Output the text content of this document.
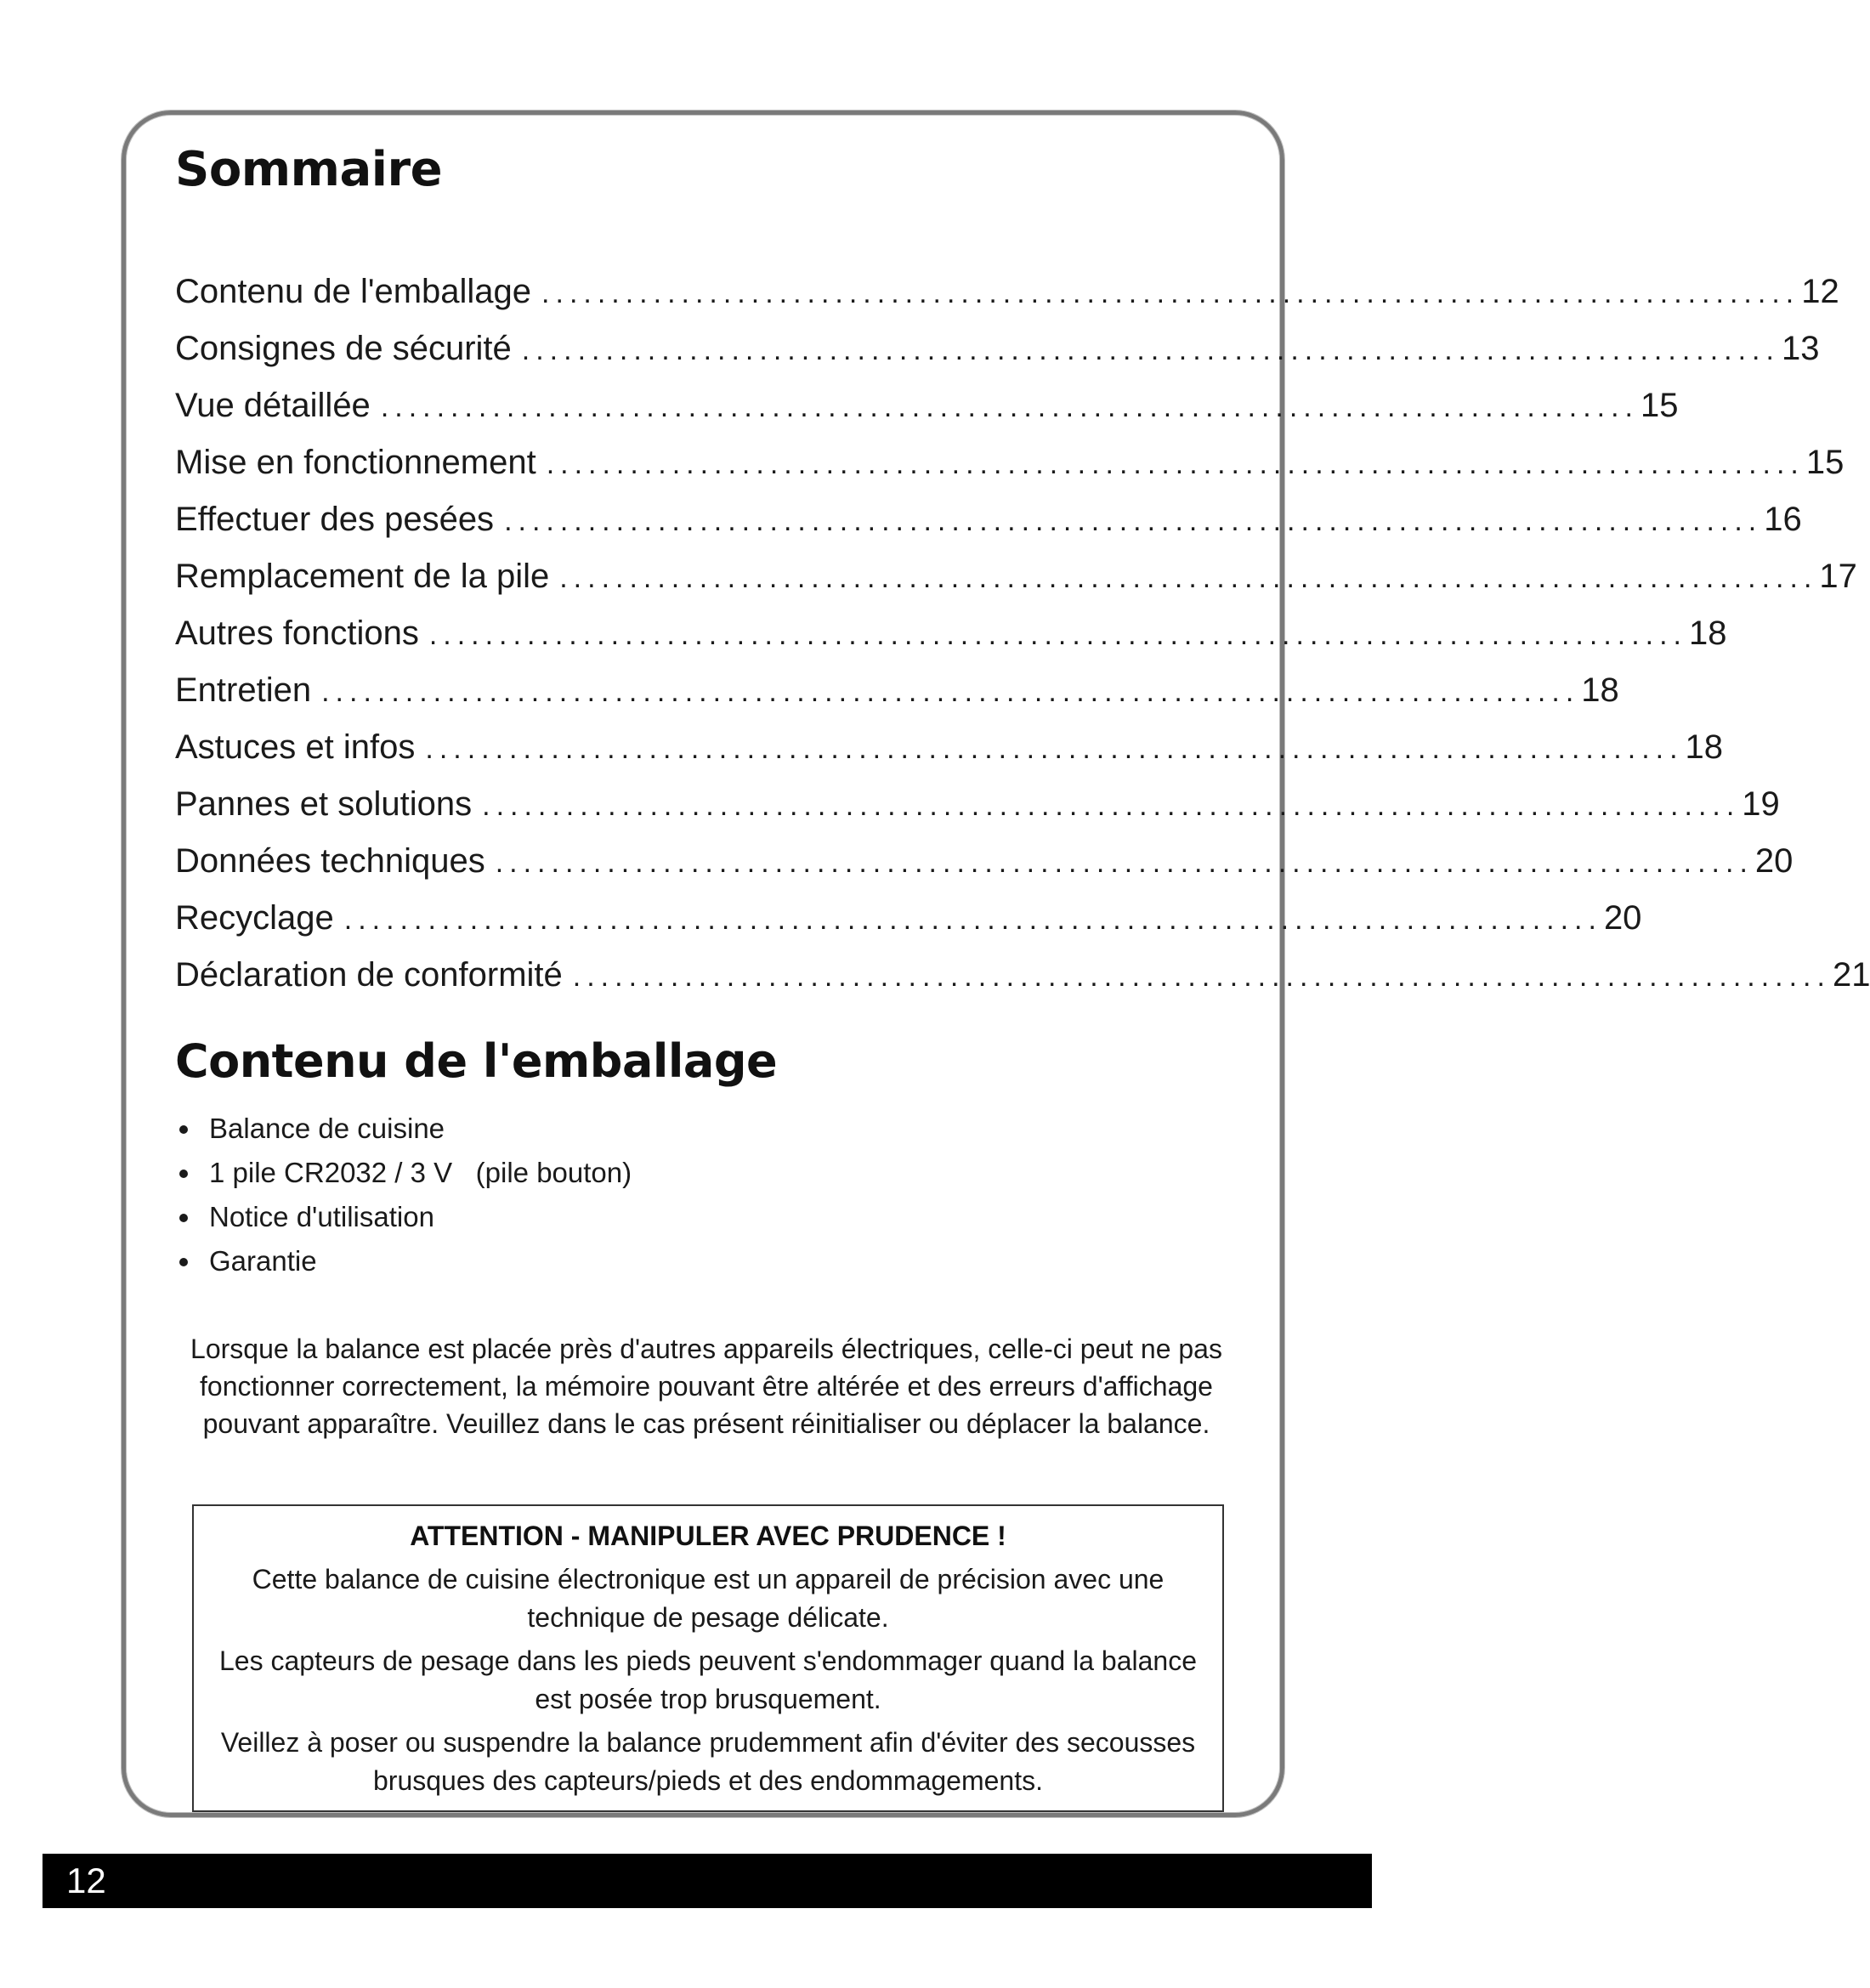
Sommaire
Contenu de l'emballage .......................................................................................... 12
Consignes de sécurité .......................................................................................... 13
Vue détaillée .......................................................................................... 15
Mise en fonctionnement .......................................................................................... 15
Effectuer des pesées .......................................................................................... 16
Remplacement de la pile .......................................................................................... 17
Autres fonctions .......................................................................................... 18
Entretien .......................................................................................... 18
Astuces et infos .......................................................................................... 18
Pannes et solutions .......................................................................................... 19
Données techniques .......................................................................................... 20
Recyclage .......................................................................................... 20
Déclaration de conformité .......................................................................................... 21
Contenu de l'emballage
Balance de cuisine
1 pile CR2032 / 3 V   (pile bouton)
Notice d'utilisation
Garantie
Lorsque la balance est placée près d'autres appareils électriques, celle-ci peut ne pas fonctionner correctement, la mémoire pouvant être altérée et des erreurs d'affichage pouvant apparaître. Veuillez dans le cas présent réinitialiser ou déplacer la balance.
ATTENTION - MANIPULER AVEC PRUDENCE !

Cette balance de cuisine électronique est un appareil de précision avec une technique de pesage délicate.

Les capteurs de pesage dans les pieds peuvent s'endommager quand la balance est posée trop brusquement.

Veillez à poser ou suspendre la balance prudemment afin d'éviter des secousses brusques des capteurs/pieds et des endommagements.

12
